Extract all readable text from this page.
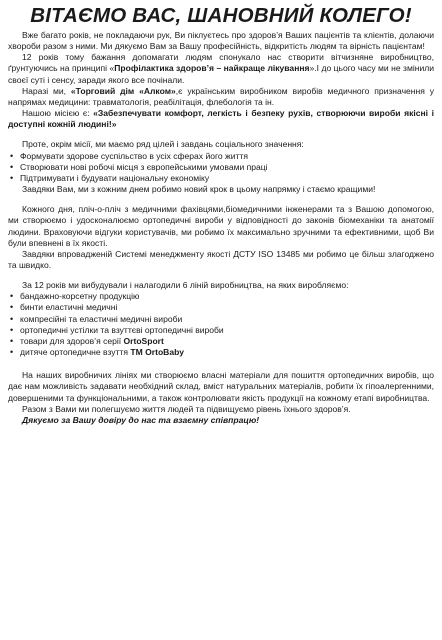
ВІТАЄМО ВАС, ШАНОВНИЙ КОЛЕГО!

Вже багато років, не покладаючи рук, Ви піклуєтесь про здоров’я Ваших пацієнтів та клієнтів, долаючи хвороби разом з ними. Ми дякуємо Вам за Вашу професійність, відкритість людям та вірність пацієнтам!

12 років тому бажання допомагати людям спонукало нас створити вітчизняне виробництво, ґрунтуючись на принципі «Профілактика здоров’я – найкраще лікування».І до цього часу ми не змінили своєї суті і сенсу, заради якого все почінали.

Наразі ми, «Торговий дім «Алком»,є українським виробником виробів медичного призначення у напрямах медицини: травматологія, реабілітація, флебологія та ін.

Нашою місією є: «Забезпечувати комфорт, легкість і безпеку рухів, створюючи вироби якісні і доступні кожній людині!»

Проте, окрім місії, ми маємо ряд цілей і завдань соціального значення:

• Формувати здорове суспільство в усіх сферах його життя
• Створювати нові робочі місця з європейськими умовами праці
• Підтримувати і будувати національну економіку

Завдяки Вам, ми з кожним днем робимо новий крок в цьому напрямку і стаємо кращими!

Кожного дня, пліч-о-пліч з медичними фахівцями,біомедичними інженерами та з Вашою допомогою, ми створюємо і удосконалюємо ортопедичні вироби у відповідності до законів біомеханіки та анатомії людини. Враховуючи відгуки користувачів, ми робимо їх максимально зручними та ефективними, щоб Ви були впевнені в їх якості.

Завдяки впровадженій Системі менеджменту якості ДСТУ ISO 13485 ми робимо це більш злагоджено та швидко.

За 12 років ми вибудували і налагодили 6 ліній виробництва, на яких виробляємо:

• бандажно-корсетну продукцію
• бинти еластичні медичні
• компресійні та еластичні медичні вироби
• ортопедичні устілки та взуттєві ортопедичні вироби
• товари для здоров’я серії OrtoSport
• дитяче ортопедичне взуття ТМ OrtoBaby

На наших виробничих лініях ми створюємо власні матеріали для пошиття ортопедичних виробів, що дає нам можливість задавати необхідний склад, вміст натуральних матеріалів, робити їх гіпоалергенними, довершеними та функціональними, а також контролювати якість продукції на кожному етапі виробництва.

Разом з Вами ми полегшуємо життя людей та підвищуємо рівень їхнього здоров’я.

Дякуємо за Вашу довіру до нас та взаємну співпрацю!
